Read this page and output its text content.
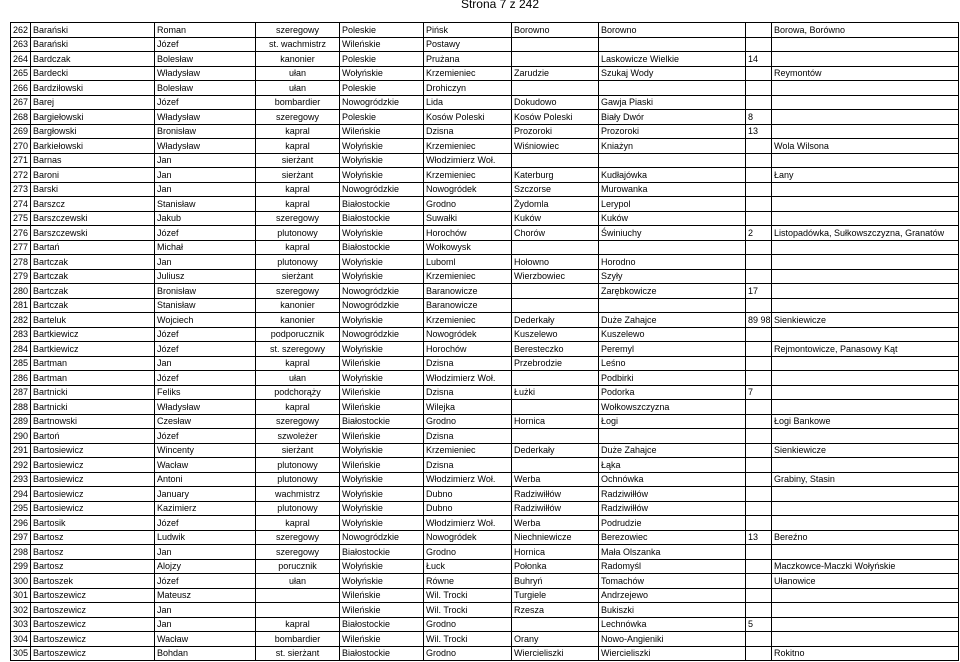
Strona 7 z 242
262	Barański	Roman	szeregowy	Poleskie	Pińsk	Borowno	Borowno		Borowa, Borówno
263	Barański	Józef	st. wachmistrz	Wileńskie	Postawy				
264	Bardczak	Bolesław	kanonier	Poleskie	Prużana		Laskowicze Wielkie	14	
265	Bardecki	Władysław	ułan	Wołyńskie	Krzemieniec	Zarudzie	Szukaj Wody		Reymontów
266	Bardziłowski	Bolesław	ułan	Poleskie	Drohiczyn				
267	Barej	Józef	bombardier	Nowogródzkie	Lida	Dokudowo	Gawja Piaski		
268	Bargiełowski	Władysław	szeregowy	Poleskie	Kosów Poleski	Kosów Poleski	Biały Dwór	8	
269	Bargłowski	Bronisław	kapral	Wileńskie	Dzisna	Prozoroki	Prozoroki	13	
270	Barkiełowski	Władysław	kapral	Wołyńskie	Krzemieniec	Wiśniowiec	Kniażyn		Wola Wilsona
271	Barnas	Jan	sierżant	Wołyńskie	Włodzimierz Woł.				
272	Baroni	Jan	sierżant	Wołyńskie	Krzemieniec	Katerburg	Kudłajówka		Łany
273	Barski	Jan	kapral	Nowogródzkie	Nowogródek	Szczorse	Murowanka		
274	Barszcz	Stanisław	kapral	Białostockie	Grodno	Żydomla	Lerypol		
275	Barszczewski	Jakub	szeregowy	Białostockie	Suwałki	Kuków	Kuków		
276	Barszczewski	Józef	plutonowy	Wołyńskie	Horochów	Chorów	Świniuchy	2	Listopadówka, Sułkowszczyzna, Granatów
277	Bartań	Michał	kapral	Białostockie	Wołkowysk				
278	Bartczak	Jan	plutonowy	Wołyńskie	Luboml	Hołowno	Horodno		
279	Bartczak	Juliusz	sierżant	Wołyńskie	Krzemieniec	Wierzbowiec	Szyły		
280	Bartczak	Bronisław	szeregowy	Nowogródzkie	Baranowicze		Zarębkowicze	17	
281	Bartczak	Stanisław	kanonier	Nowogródzkie	Baranowicze				
282	Barteluk	Wojciech	kanonier	Wołyńskie	Krzemieniec	Dederkały	Duże Zahajce	89 98	Sienkiewicze
283	Bartkiewicz	Józef	podporucznik	Nowogródzkie	Nowogródek	Kuszelewo	Kuszelewo		
284	Bartkiewicz	Józef	st. szeregowy	Wołyńskie	Horochów	Beresteczko	Peremyl		Rejmontowicze, Panasowy Kąt
285	Bartman	Jan	kapral	Wileńskie	Dzisna	Przebrodzie	Leśno		
286	Bartman	Józef	ułan	Wołyńskie	Włodzimierz Woł.		Podbirki		
287	Bartnicki	Feliks	podchorąży	Wileńskie	Dzisna	Łużki	Podorka	7	
288	Bartnicki	Władysław	kapral	Wileńskie	Wilejka		Wołkowszczyzna		
289	Bartnowski	Czesław	szeregowy	Białostockie	Grodno	Hornica	Łogi		Łogi Bankowe
290	Bartoń	Józef	szwoleżer	Wileńskie	Dzisna				
291	Bartosiewicz	Wincenty	sierżant	Wołyńskie	Krzemieniec	Dederkały	Duże Zahajce		Sienkiewicze
292	Bartosiewicz	Wacław	plutonowy	Wileńskie	Dzisna		Łąka		
293	Bartosiewicz	Antoni	plutonowy	Wołyńskie	Włodzimierz Woł.	Werba	Ochnówka		Grabiny, Stasin
294	Bartosiewicz	January	wachmistrz	Wołyńskie	Dubno	Radziwiłłów	Radziwiłłów		
295	Bartosiewicz	Kazimierz	plutonowy	Wołyńskie	Dubno	Radziwiłłów	Radziwiłłów		
296	Bartosik	Józef	kapral	Wołyńskie	Włodzimierz Woł.	Werba	Podrudzie		
297	Bartosz	Ludwik	szeregowy	Nowogródzkie	Nowogródek	Niechniewicze	Berezowiec	13	Bereźno
298	Bartosz	Jan	szeregowy	Białostockie	Grodno	Hornica	Mała Olszanka		
299	Bartosz	Alojzy	porucznik	Wołyńskie	Łuck	Połonka	Radomyśl		Maczkowce-Maczki Wołyńskie
300	Bartoszek	Józef	ułan	Wołyńskie	Równe	Buhryń	Tomachów		Ułanowice
301	Bartoszewicz	Mateusz		Wileńskie	Wil. Trocki	Turgiele	Andrzejewo		
302	Bartoszewicz	Jan		Wileńskie	Wil. Trocki	Rzesza	Bukiszki		
303	Bartoszewicz	Jan	kapral	Białostockie	Grodno		Lechnówka	5	
304	Bartoszewicz	Wacław	bombardier	Wileńskie	Wil. Trocki	Orany	Nowo-Angieniki		
305	Bartoszewicz	Bohdan	st. sierżant	Białostockie	Grodno	Wiercieliszki	Wiercieliszki		Rokitno
